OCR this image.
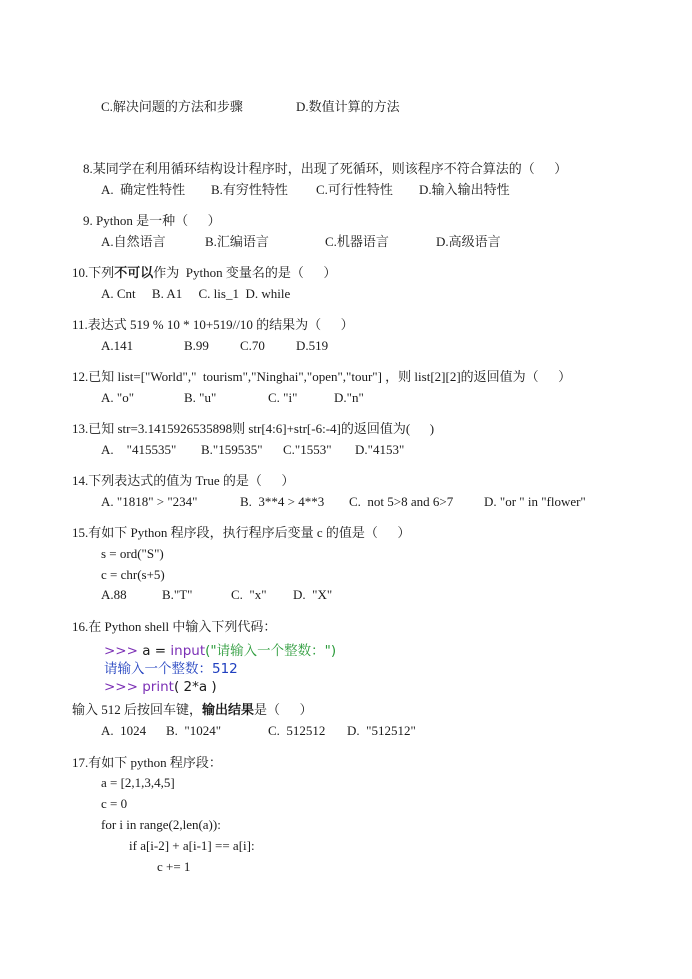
C.解决问题的方法和步骤	D.数值计算的方法
8.某同学在利用循环结构设计程序时，出现了死循环，则该程序不符合算法的（      ）
A.  确定性特性 B.有穷性特性 C.可行性特性 D.输入输出特性
9. Python 是一种（      ）
A.自然语言	B.汇编语言	C.机器语言	D.高级语言
10.下列不可以作为  Python 变量名的是（      ）
A. Cnt     B. A1     C. lis_1  D. while
11.表达式 519 % 10 * 10+519//10 的结果为（      ）
A.141	B.99 C.70 D.519
12.已知 list=["World","  tourism","Ninghai","open","tour"] ，则 list[2][2]的返回值为（      ）
A. "o"	B. "u"	C. "i"	D."n"
13.已知 str=3.1415926535898则 str[4:6]+str[-6:-4]的返回值为(      )
A.    "415535" B."159535" C."1553" D."4153"
14.下列表达式的值为 True 的是（      ）
A. "1818" > "234"	B.  3**4 > 4**3 C.  not 5>8 and 6>7 D. "or " in "flower"
15.有如下 Python 程序段，执行程序后变量 c 的值是（      ）
s = ord("S")
c = chr(s+5)
A.88	B."T"	C.  "x" D.  "X"
16.在 Python shell 中输入下列代码：
>>> a = input("请输入一个整数：")
请输入一个整数：512
>>> print( 2*a )
输入 512 后按回车键，输出结果是（      ）
A.  1024 B.  "1024"	C.  512512 D.  "512512"
17.有如下 python 程序段：
a = [2,1,3,4,5]
c = 0
for i in range(2,len(a)):
if a[i-2] + a[i-1] == a[i]:
c += 1
